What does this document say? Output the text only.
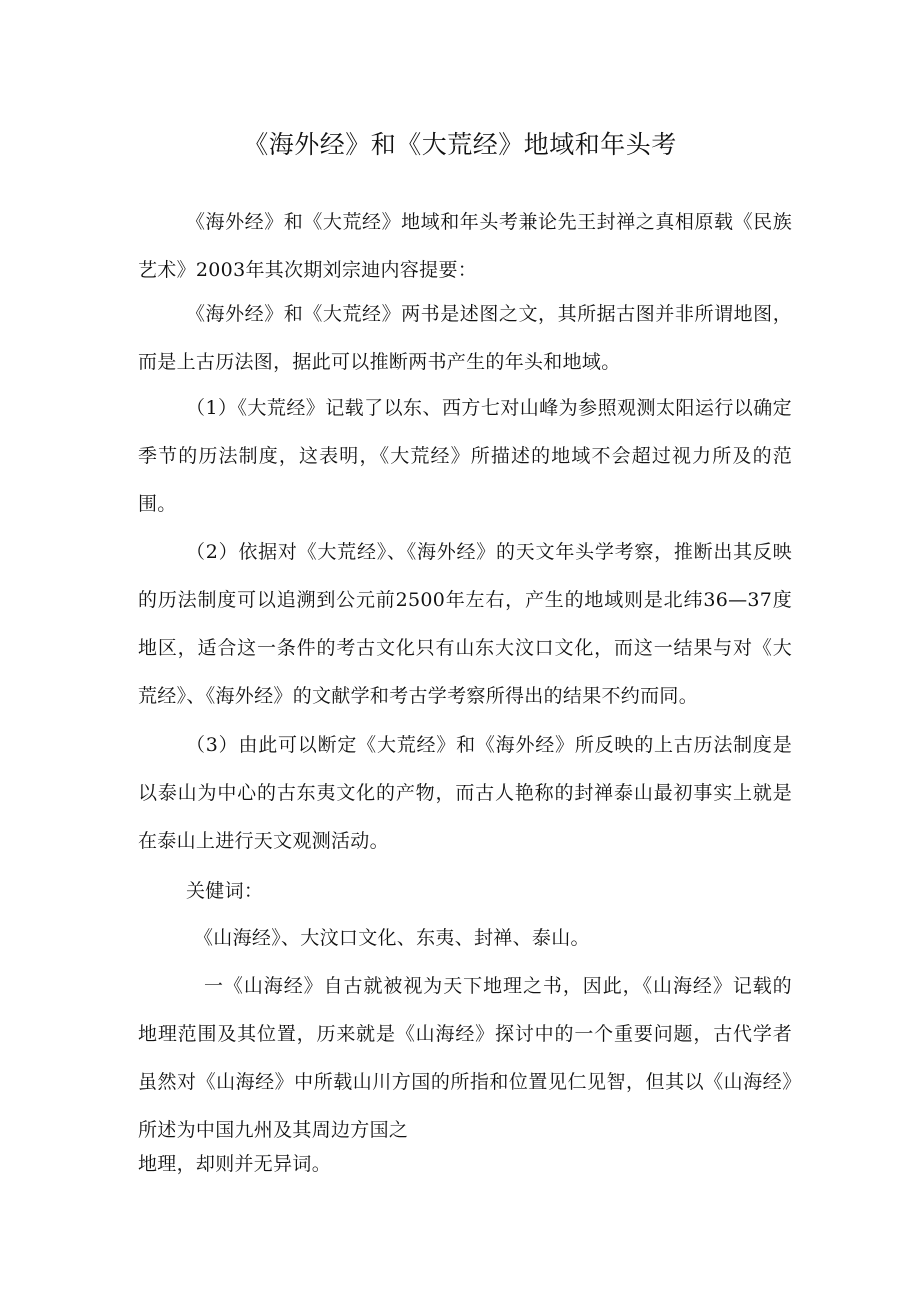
《海外经》和《大荒经》地域和年头考

《海外经》和《大荒经》地域和年头考兼论先王封禅之真相原载《民族艺术》2003年其次期刘宗迪内容提要：

《海外经》和《大荒经》两书是述图之文，其所据古图并非所谓地图，而是上古历法图，据此可以推断两书产生的年头和地域。

（1）《大荒经》记载了以东、西方七对山峰为参照观测太阳运行以确定季节的历法制度，这表明，《大荒经》所描述的地域不会超过视力所及的范围。

（2）依据对《大荒经》、《海外经》的天文年头学考察，推断出其反映的历法制度可以追溯到公元前2500年左右，产生的地域则是北纬36—37度地区，适合这一条件的考古文化只有山东大汶口文化，而这一结果与对《大荒经》、《海外经》的文献学和考古学考察所得出的结果不约而同。

（3）由此可以断定《大荒经》和《海外经》所反映的上古历法制度是以泰山为中心的古东夷文化的产物，而古人艳称的封禅泰山最初事实上就是在泰山上进行天文观测活动。

关健词：

《山海经》、大汶口文化、东夷、封禅、泰山。

一《山海经》自古就被视为天下地理之书，因此，《山海经》记载的地理范围及其位置，历来就是《山海经》探讨中的一个重要问题，古代学者虽然对《山海经》中所载山川方国的所指和位置见仁见智，但其以《山海经》所述为中国九州及其周边方国之

地理，却则并无异词。
